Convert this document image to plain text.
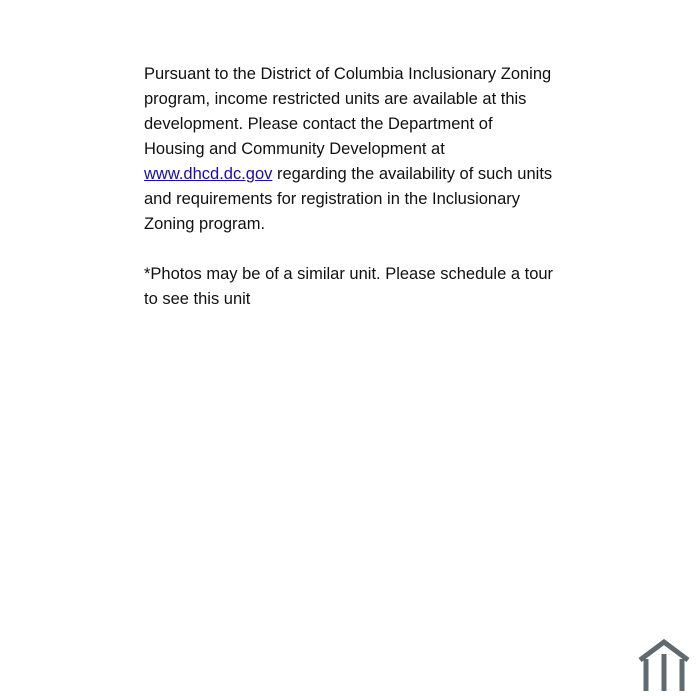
Pursuant to the District of Columbia Inclusionary Zoning program, income restricted units are available at this development. Please contact the Department of Housing and Community Development at www.dhcd.dc.gov regarding the availability of such units and requirements for registration in the Inclusionary Zoning program.

*Photos may be of a similar unit. Please schedule a tour to see this unit
